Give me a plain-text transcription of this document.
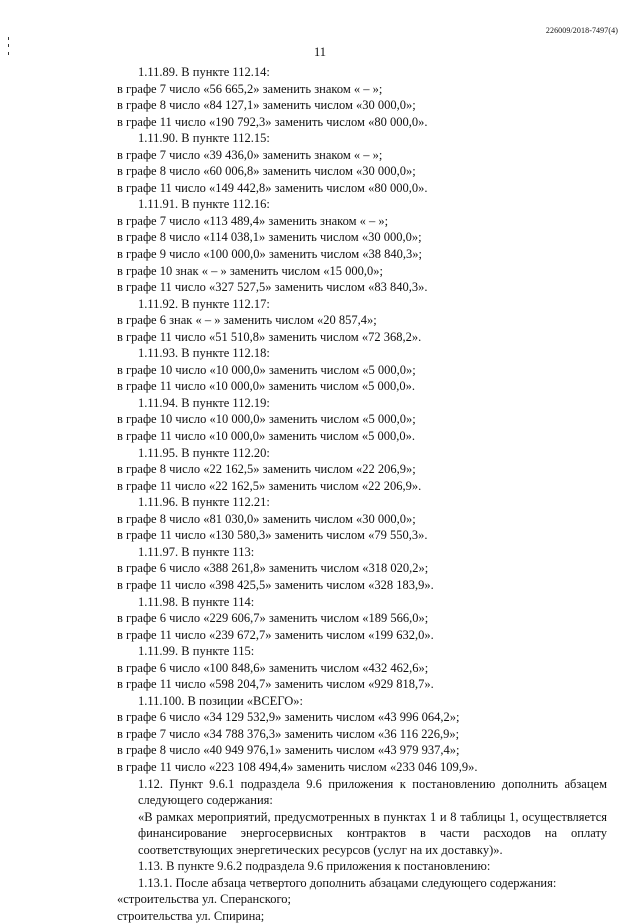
226009/2018-7497(4)
11
1.11.89. В пункте 112.14:
в графе 7 число «56 665,2» заменить знаком « – »;
в графе 8 число «84 127,1» заменить числом «30 000,0»;
в графе 11 число «190 792,3» заменить числом «80 000,0».
1.11.90. В пункте 112.15:
в графе 7 число «39 436,0» заменить знаком « – »;
в графе 8 число «60 006,8» заменить числом «30 000,0»;
в графе 11 число «149 442,8» заменить числом «80 000,0».
1.11.91. В пункте 112.16:
в графе 7 число «113 489,4» заменить знаком « – »;
в графе 8 число «114 038,1» заменить числом «30 000,0»;
в графе 9 число «100 000,0» заменить числом «38 840,3»;
в графе 10 знак « – » заменить числом «15 000,0»;
в графе 11 число «327 527,5» заменить числом «83 840,3».
1.11.92. В пункте 112.17:
в графе 6 знак « – » заменить числом «20 857,4»;
в графе 11 число «51 510,8» заменить числом «72 368,2».
1.11.93. В пункте 112.18:
в графе 10 число «10 000,0» заменить числом «5 000,0»;
в графе 11 число «10 000,0» заменить числом «5 000,0».
1.11.94. В пункте 112.19:
в графе 10 число «10 000,0» заменить числом «5 000,0»;
в графе 11 число «10 000,0» заменить числом «5 000,0».
1.11.95. В пункте 112.20:
в графе 8 число «22 162,5» заменить числом «22 206,9»;
в графе 11 число «22 162,5» заменить числом «22 206,9».
1.11.96. В пункте 112.21:
в графе 8 число «81 030,0» заменить числом «30 000,0»;
в графе 11 число «130 580,3» заменить числом «79 550,3».
1.11.97. В пункте 113:
в графе 6 число «388 261,8» заменить числом «318 020,2»;
в графе 11 число «398 425,5» заменить числом «328 183,9».
1.11.98. В пункте 114:
в графе 6 число «229 606,7» заменить числом «189 566,0»;
в графе 11 число «239 672,7» заменить числом «199 632,0».
1.11.99. В пункте 115:
в графе 6 число «100 848,6» заменить числом «432 462,6»;
в графе 11 число «598 204,7» заменить числом «929 818,7».
1.11.100. В позиции «ВСЕГО»:
в графе 6 число «34 129 532,9» заменить числом «43 996 064,2»;
в графе 7 число «34 788 376,3» заменить числом «36 116 226,9»;
в графе 8 число «40 949 976,1» заменить числом «43 979 937,4»;
в графе 11 число «223 108 494,4» заменить числом «233 046 109,9».
1.12. Пункт 9.6.1 подраздела 9.6 приложения к постановлению дополнить абзацем следующего содержания:
«В рамках мероприятий, предусмотренных в пунктах 1 и 8 таблицы 1, осуществляется финансирование энергосервисных контрактов в части расходов на оплату соответствующих энергетических ресурсов (услуг на их доставку)».
1.13. В пункте 9.6.2 подраздела 9.6 приложения к постановлению:
1.13.1. После абзаца четвертого дополнить абзацами следующего содержания:
«строительства ул. Сперанского;
строительства ул. Спирина;
